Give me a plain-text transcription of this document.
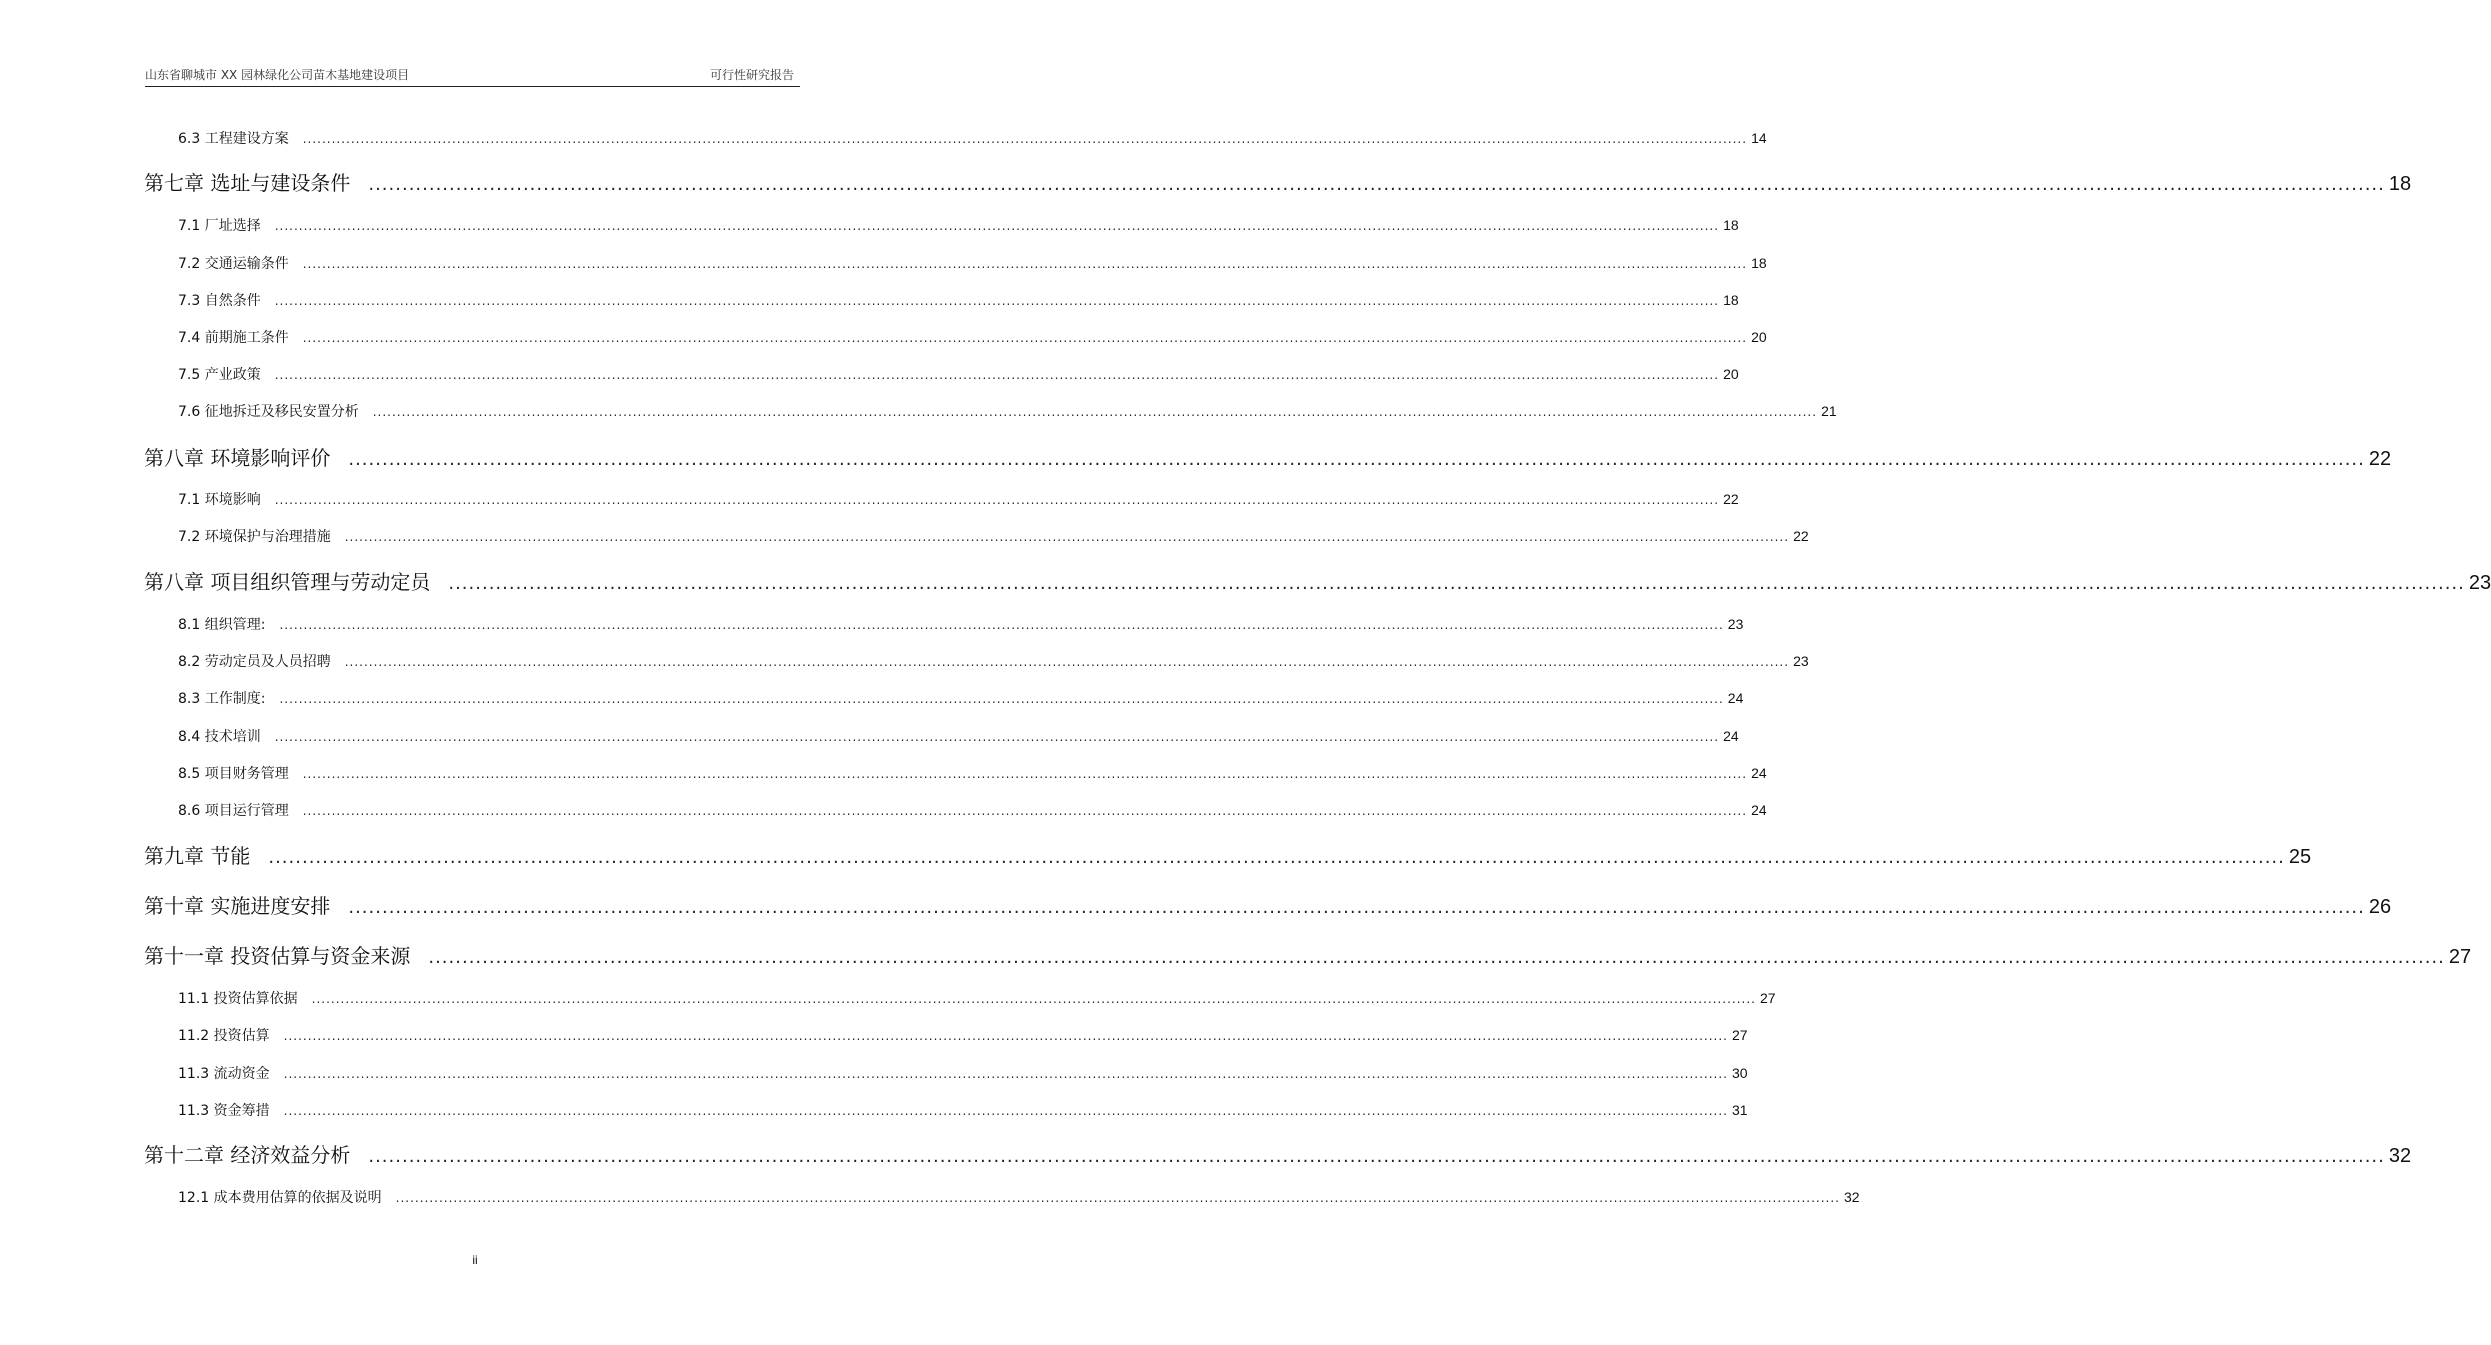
山东省聊城市 XX 园林绿化公司苗木基地建设项目	可行性研究报告
6.3 工程建设方案 ............................................................................................................................................................................................................................................................................................................ 14
第七章 选址与建设条件 ............................................................................................................................................................................................................................................................................................................ 18
7.1 厂址选择 ............................................................................................................................................................................................................................................................................................................ 18
7.2 交通运输条件 ............................................................................................................................................................................................................................................................................................................ 18
7.3 自然条件 ............................................................................................................................................................................................................................................................................................................ 18
7.4 前期施工条件 ............................................................................................................................................................................................................................................................................................................ 20
7.5 产业政策 ............................................................................................................................................................................................................................................................................................................ 20
7.6 征地拆迁及移民安置分析 ............................................................................................................................................................................................................................................................................................................ 21
第八章 环境影响评价 ............................................................................................................................................................................................................................................................................................................ 22
7.1 环境影响 ............................................................................................................................................................................................................................................................................................................ 22
7.2 环境保护与治理措施 ............................................................................................................................................................................................................................................................................................................ 22
第八章 项目组织管理与劳动定员 ............................................................................................................................................................................................................................................................................................................ 23
8.1 组织管理: ............................................................................................................................................................................................................................................................................................................ 23
8.2 劳动定员及人员招聘 ............................................................................................................................................................................................................................................................................................................ 23
8.3 工作制度: ............................................................................................................................................................................................................................................................................................................ 24
8.4 技术培训 ............................................................................................................................................................................................................................................................................................................ 24
8.5 项目财务管理 ............................................................................................................................................................................................................................................................................................................ 24
8.6 项目运行管理 ............................................................................................................................................................................................................................................................................................................ 24
第九章 节能 ............................................................................................................................................................................................................................................................................................................ 25
第十章 实施进度安排 ............................................................................................................................................................................................................................................................................................................ 26
第十一章 投资估算与资金来源 ............................................................................................................................................................................................................................................................................................................ 27
11.1 投资估算依据 ............................................................................................................................................................................................................................................................................................................ 27
11.2 投资估算 ............................................................................................................................................................................................................................................................................................................ 27
11.3 流动资金 ............................................................................................................................................................................................................................................................................................................ 30
11.3 资金筹措 ............................................................................................................................................................................................................................................................................................................ 31
第十二章 经济效益分析 ............................................................................................................................................................................................................................................................................................................ 32
12.1 成本费用估算的依据及说明 ............................................................................................................................................................................................................................................................................................................ 32
ii
